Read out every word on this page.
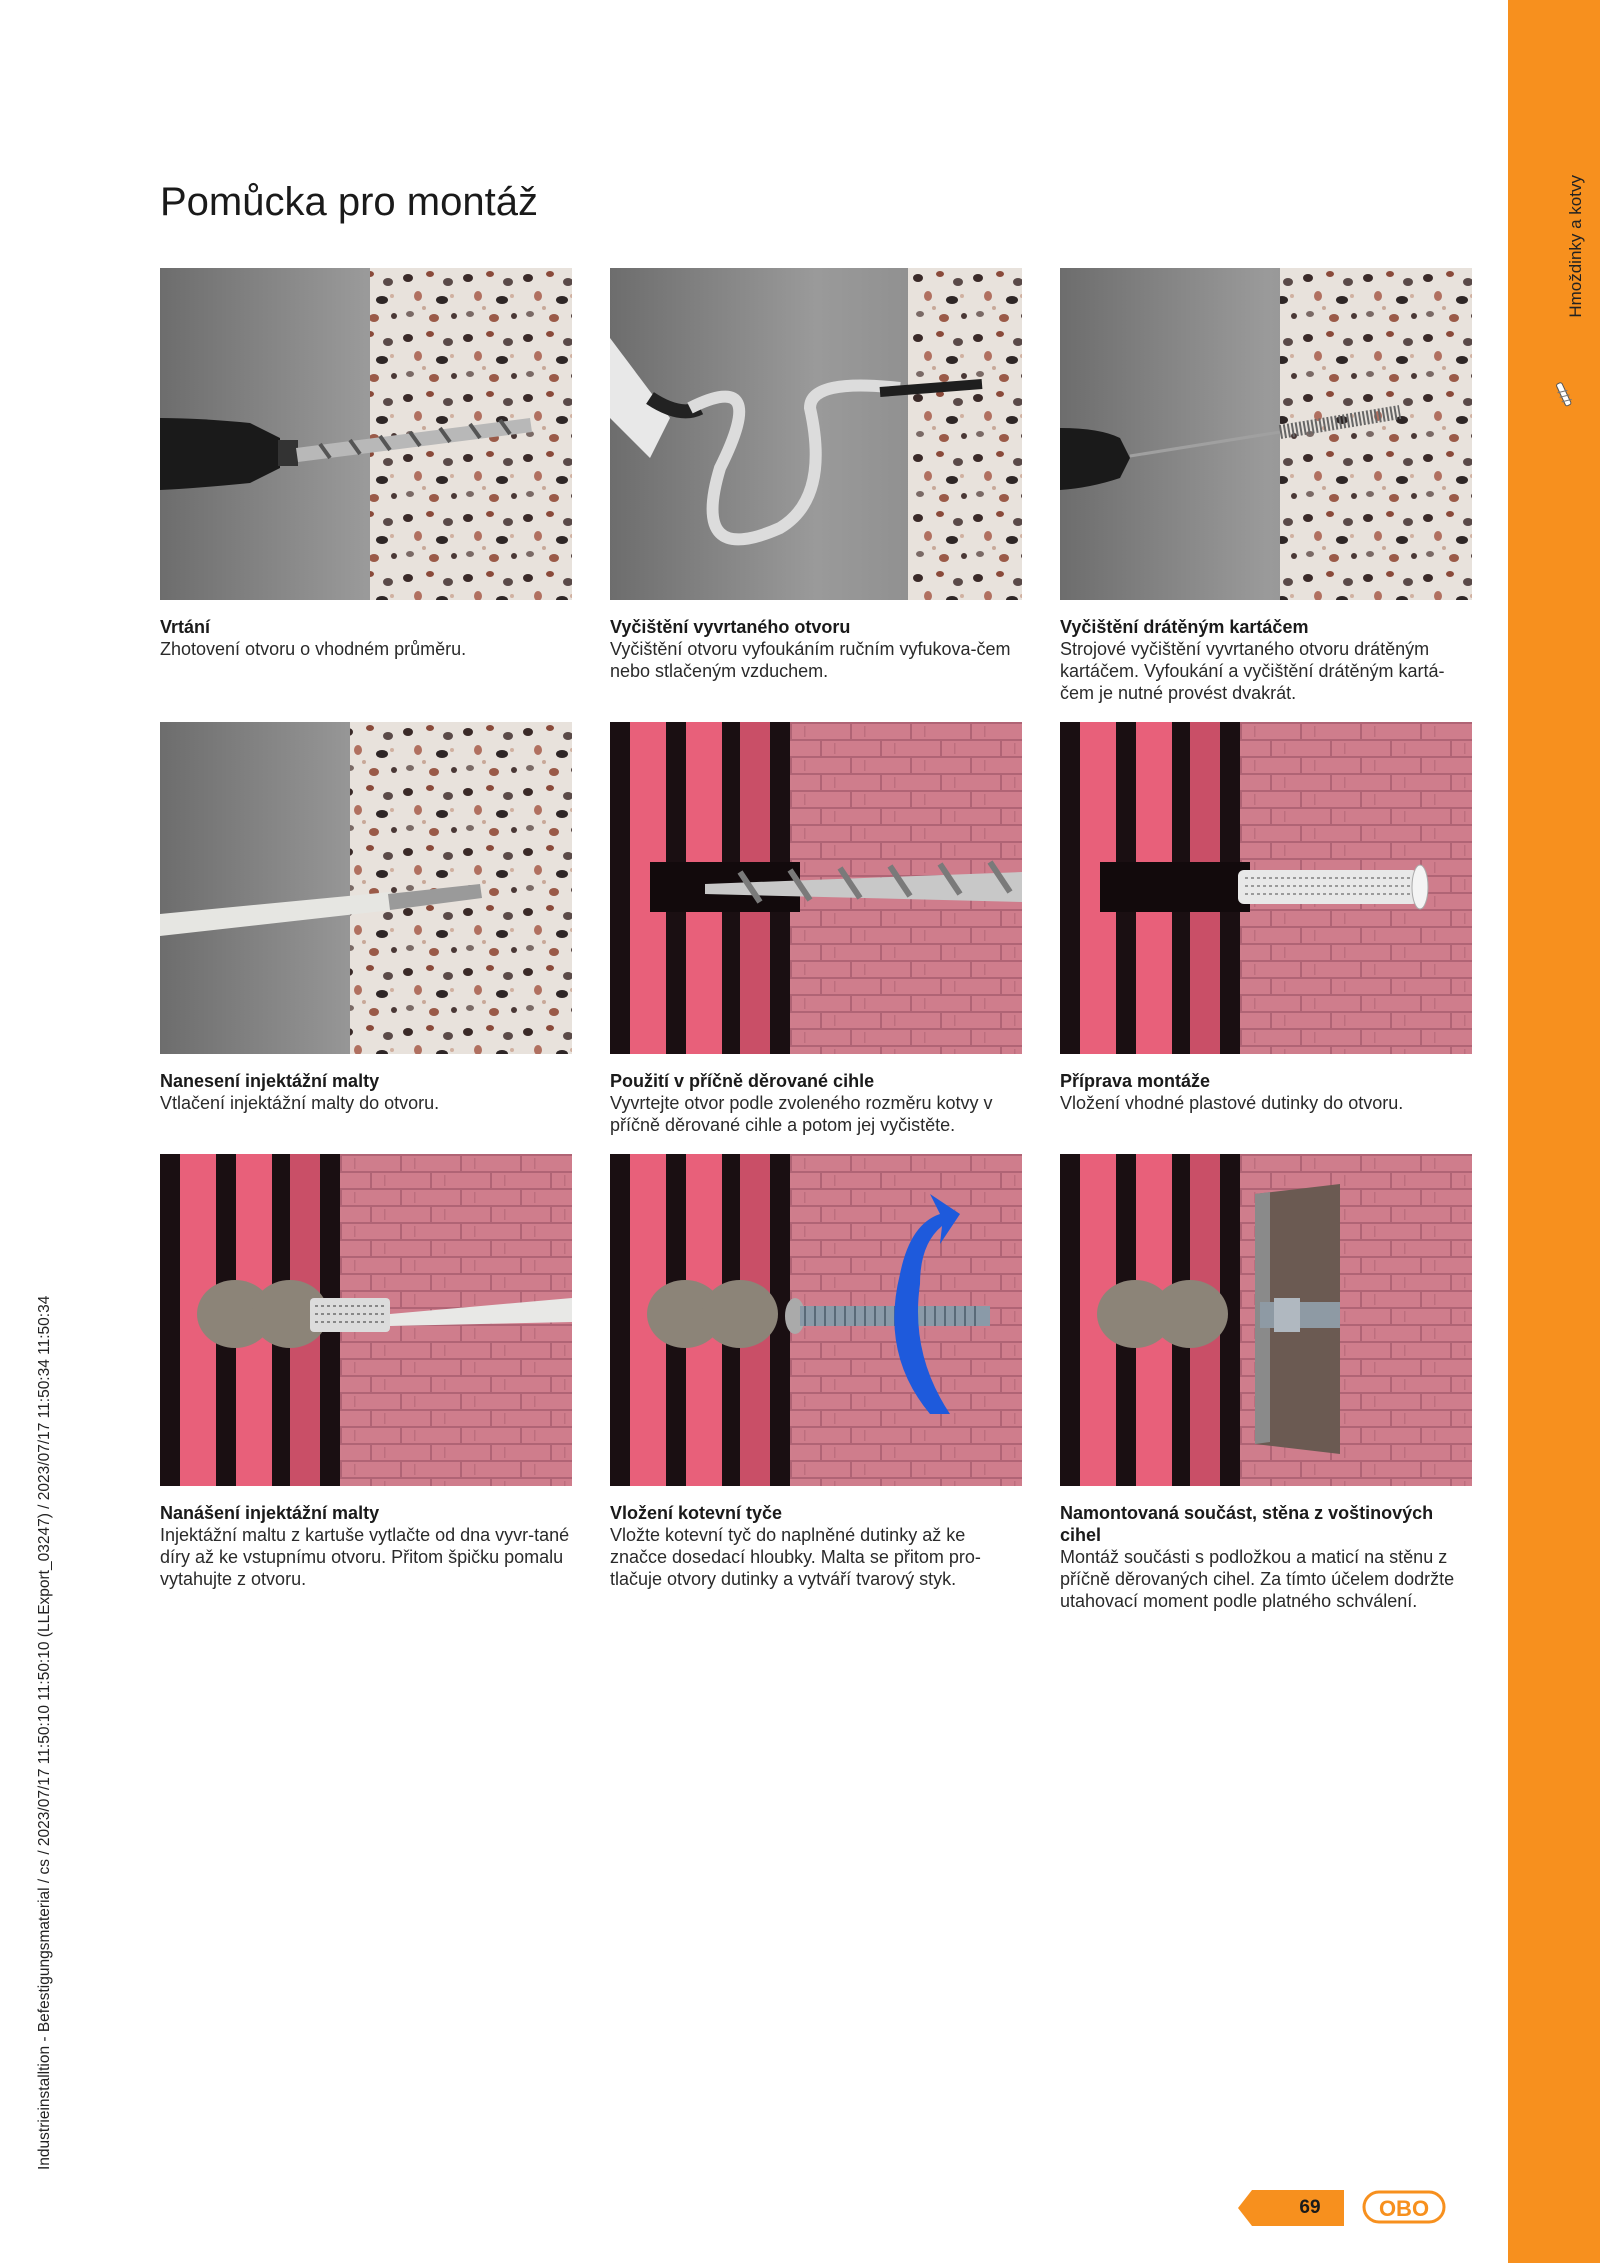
Hmoždinky a kotvy
Industrieinstalltion - Befestigungsmaterial / cs / 2023/07/17 11:50:10 11:50:10 (LLExport_03247) / 2023/07/17 11:50:34 11:50:34
Pomůcka pro montáž
Vrtání
Zhotovení otvoru o vhodném průměru.
Vyčištění vyvrtaného otvoru
Vyčištění otvoru vyfoukáním ručním vyfukova-čem nebo stlačeným vzduchem.
Vyčištění drátěným kartáčem
Strojové vyčištění vyvrtaného otvoru drátěným kartáčem. Vyfoukání a vyčištění drátěným kartá-čem je nutné provést dvakrát.
Nanesení injektážní malty
Vtlačení injektážní malty do otvoru.
Použití v příčně děrované cihle
Vyvrtejte otvor podle zvoleného rozměru kotvy v příčně děrované cihle a potom jej vyčistěte.
Příprava montáže
Vložení vhodné plastové dutinky do otvoru.
Nanášení injektážní malty
Injektážní maltu z kartuše vytlačte od dna vyvr-tané díry až ke vstupnímu otvoru. Přitom špičku pomalu vytahujte z otvoru.
Vložení kotevní tyče
Vložte kotevní tyč do naplněné dutinky až ke značce dosedací hloubky. Malta se přitom pro-tlačuje otvory dutinky a vytváří tvarový styk.
Namontovaná součást, stěna z voštinových cihel
Montáž součásti s podložkou a maticí na stěnu z příčně děrovaných cihel. Za tímto účelem dodržte utahovací moment podle platného schválení.
69	OBO
